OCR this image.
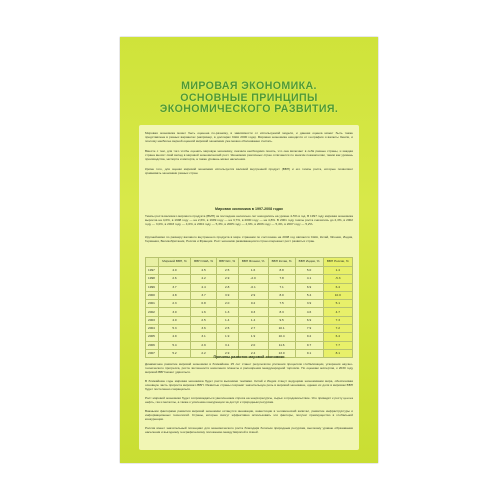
МИРОВАЯ ЭКОНОМИКА.
ОСНОВНЫЕ ПРИНЦИПЫ
ЭКОНОМИЧЕСКОГО РАЗВИТИЯ.
Мировая экономика может быть оценена по-разному, в зависимости от используемой модели, и данная оценка может быть также представлена в разных вариантах (например, в долларах США 2000 года). Мировая экономика находится от географии и валюты Земли, и поэтому наиболее верной оценкой мировой экономики уже можно обоснованно считать.
Вместе с тем, для того чтобы оценить мировую экономику, сначала необходимо понять, что она включает в себя разные страны, и каждая страна вносит свой вклад в мировой экономический рост. Экономики различных стран отличаются по многим показателям, таким как уровень производства, экспорта и импорта, а также уровень жизни населения.
Кроме того, для оценки мировой экономики используется валовой внутренний продукт (ВВП) и его темпы роста, которые позволяют сравнивать экономики разных стран.
Мировая экономика в 1997-2008 годах
Темпы роста валового мирового продукта (ВМП) за последние несколько лет находились на уровне 4-5% в год. В 1997 году мировая экономика выросла на 4,0%, в 1998 году — на 2,6%, в 1999 году — на 3,7%, в 2000 году — на 4,8%. В 2001 году темпы роста снизились до 2,3%, в 2002 году — 3,0%, в 2003 году — 4,0%, в 2004 году — 5,3%, в 2005 году — 4,9%, в 2006 году — 5,4%, в 2007 году — 5,2%.
Крупнейшими по размеру валового внутреннего продукта в мире странами по состоянию на 2008 год являются США, Китай, Япония, Индия, Германия, Великобритания, Россия и Франция. Рост экономик развивающихся стран опережает рост развитых стран.
	Мировой ВВП, %	ВВП США, %	ВВП ЕС, %	ВВП Японии, %	ВВП Китая, %	ВВП Индии, %	ВВП России, %
1997	4.0	4.5	2.5	1.6	8.8	5.0	1.4
1998	2.6	4.2	2.9	-2.0	7.8	4.1	-5.3
1999	3.7	4.4	2.8	-0.1	7.1	6.9	6.4
2000	4.8	3.7	3.9	2.9	8.0	5.4	10.0
2001	2.3	0.8	2.0	0.2	7.5	3.9	5.1
2002	3.0	1.6	1.3	0.3	8.3	4.6	4.7
2003	4.0	2.5	1.4	1.4	9.5	6.9	7.3
2004	5.3	3.6	2.5	2.7	10.1	7.9	7.2
2005	4.9	3.1	1.9	1.9	10.4	9.2	6.4
2006	5.4	2.9	3.1	2.0	11.6	9.7	7.7
2007	5.2	2.2	2.9	2.4	13.0	9.1	8.1
Причины развития мировой экономики
Динамичное развитие мировой экономики в ближайшие 25 лет станет результатом усиления процессов глобализации, ускорения научно-технического прогресса, роста численности населения планеты и расширения международной торговли. По оценкам экспертов, к 2030 году мировой ВВП может удвоиться.
В ближайшие годы мировая экономика будет расти высокими темпами. Китай и Индия станут ведущими экономиками мира, обеспечивая основную часть прироста мирового ВВП. Развитые страны сохранят значительную роль в мировой экономике, однако их доля в мировом ВВП будет постепенно сокращаться.
Рост мировой экономики будет сопровождаться увеличением спроса на энергоресурсы, сырьё и продовольствие. Это приведёт к росту цен на нефть, газ и металлы, а также к усилению конкуренции за доступ к природным ресурсам.
Важными факторами развития мировой экономики останутся инновации, инвестиции в человеческий капитал, развитие инфраструктуры и информационных технологий. Страны, которые смогут эффективно использовать эти факторы, получат преимущество в глобальной конкуренции.
Россия имеет значительный потенциал для экономического роста благодаря богатым природным ресурсам, высокому уровню образования населения и выгодному географическому положению между Европой и Азией.
